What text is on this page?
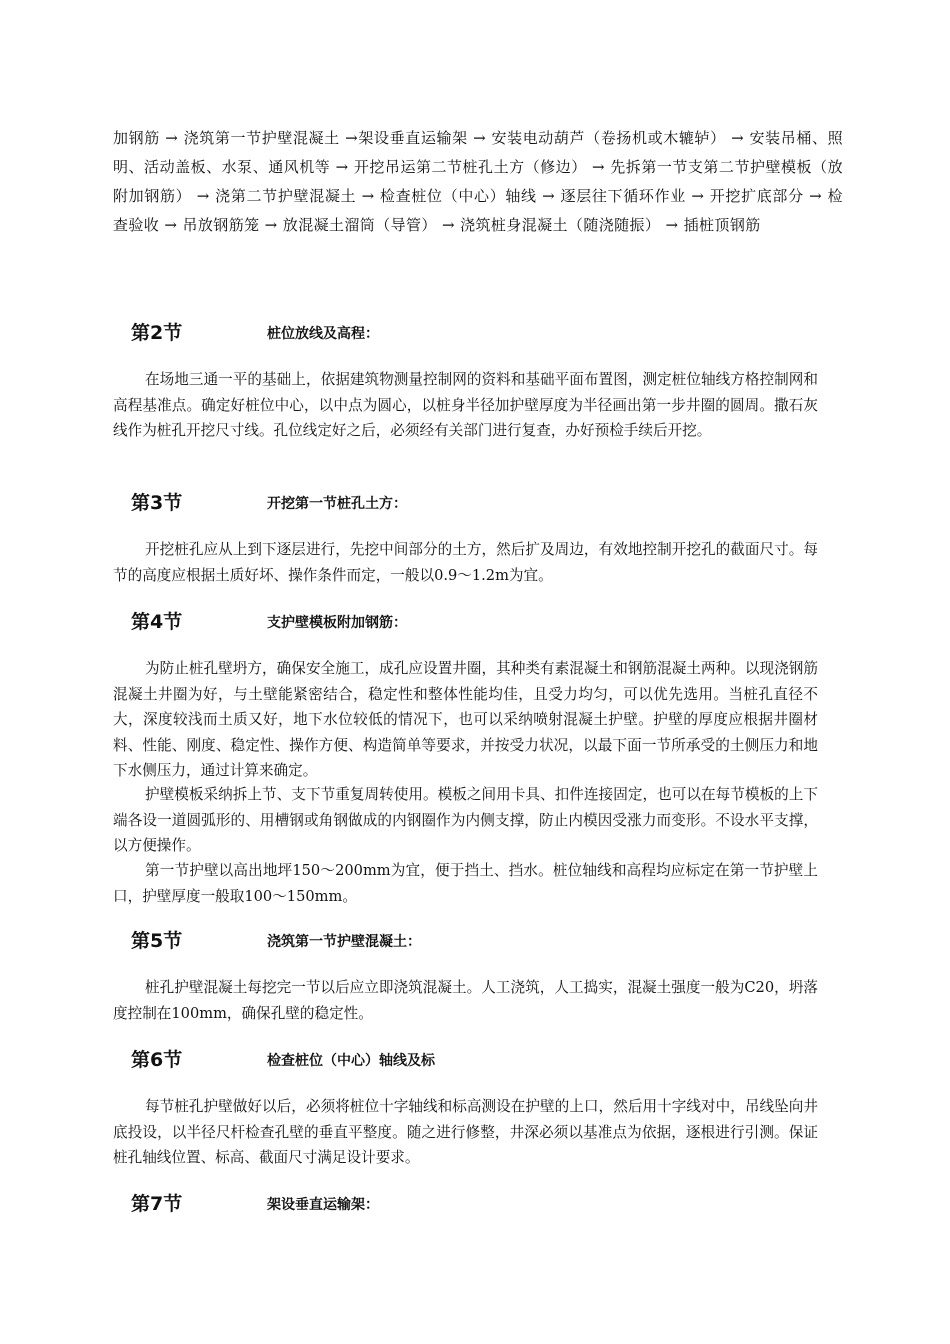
加钢筋 → 浇筑第一节护壁混凝土 →架设垂直运输架 → 安装电动葫芦（卷扬机或木辘轳） → 安装吊桶、照明、活动盖板、水泵、通风机等 → 开挖吊运第二节桩孔土方（修边） → 先拆第一节支第二节护壁模板（放附加钢筋） → 浇第二节护壁混凝土 → 检查桩位（中心）轴线 → 逐层往下循环作业 → 开挖扩底部分 → 检查验收 → 吊放钢筋笼 → 放混凝土溜筒（导管） → 浇筑桩身混凝土（随浇随振） → 插桩顶钢筋

第2节	桩位放线及高程：

在场地三通一平的基础上，依据建筑物测量控制网的资料和基础平面布置图，测定桩位轴线方格控制网和高程基准点。确定好桩位中心，以中点为圆心，以桩身半径加护壁厚度为半径画出第一步井圈的圆周。撒石灰线作为桩孔开挖尺寸线。孔位线定好之后，必须经有关部门进行复查，办好预检手续后开挖。

第3节	开挖第一节桩孔土方：

开挖桩孔应从上到下逐层进行，先挖中间部分的土方，然后扩及周边，有效地控制开挖孔的截面尺寸。每节的高度应根据土质好坏、操作条件而定，一般以0.9～1.2m为宜。

第4节	支护壁模板附加钢筋：

为防止桩孔壁坍方，确保安全施工，成孔应设置井圈，其种类有素混凝土和钢筋混凝土两种。以现浇钢筋混凝土井圈为好，与土壁能紧密结合，稳定性和整体性能均佳，且受力均匀，可以优先选用。当桩孔直径不大，深度较浅而土质又好，地下水位较低的情况下，也可以采纳喷射混凝土护壁。护壁的厚度应根据井圈材料、性能、刚度、稳定性、操作方便、构造简单等要求，并按受力状况，以最下面一节所承受的土侧压力和地下水侧压力，通过计算来确定。

护壁模板采纳拆上节、支下节重复周转使用。模板之间用卡具、扣件连接固定，也可以在每节模板的上下端各设一道圆弧形的、用槽钢或角钢做成的内钢圈作为内侧支撑，防止内模因受涨力而变形。不设水平支撑，以方便操作。

第一节护壁以高出地坪150～200mm为宜，便于挡土、挡水。桩位轴线和高程均应标定在第一节护壁上口，护壁厚度一般取100～150mm。

第5节	浇筑第一节护壁混凝土：

桩孔护壁混凝土每挖完一节以后应立即浇筑混凝土。人工浇筑，人工捣实，混凝土强度一般为C20，坍落度控制在100mm，确保孔壁的稳定性。

第6节	检查桩位（中心）轴线及标

每节桩孔护壁做好以后，必须将桩位十字轴线和标高测设在护壁的上口，然后用十字线对中，吊线坠向井底投设，以半径尺杆检查孔壁的垂直平整度。随之进行修整，井深必须以基准点为依据，逐根进行引测。保证桩孔轴线位置、标高、截面尺寸满足设计要求。

第7节	架设垂直运输架：
